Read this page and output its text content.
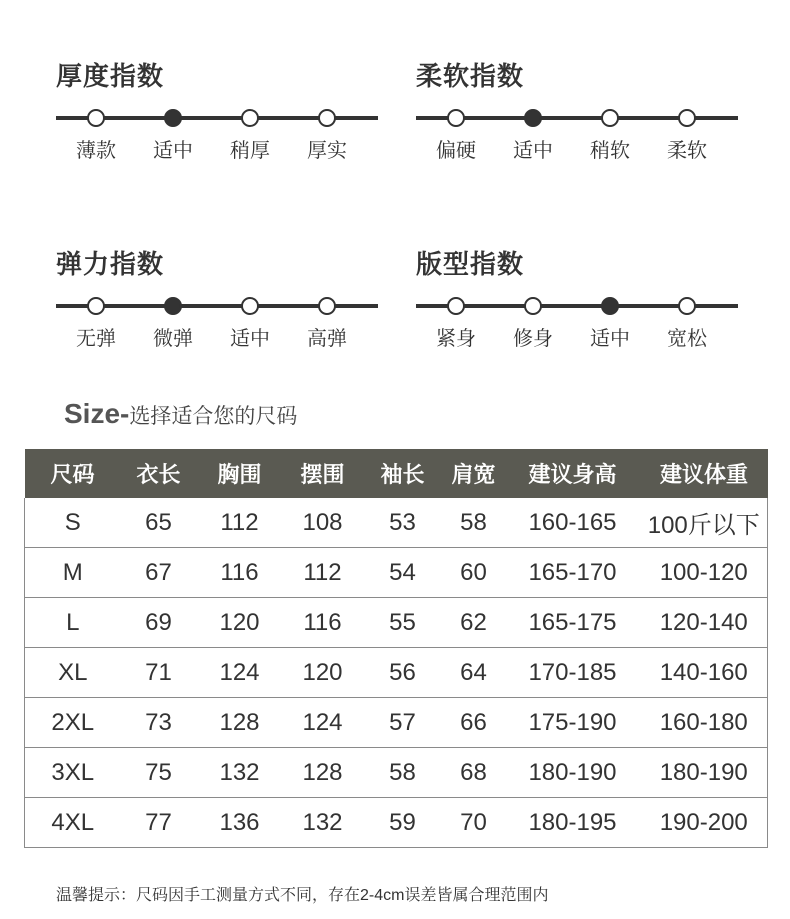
厚度指数
薄款	适中	稍厚	厚实
柔软指数
偏硬	适中	稍软	柔软
弹力指数
无弹	微弹	适中	高弹
版型指数
紧身	修身	适中	宽松
Size-选择适合您的尺码
尺码	衣长	胸围	摆围	袖长	肩宽	建议身高	建议体重
S	65	112	108	53	58	160-165	100斤以下
M	67	116	112	54	60	165-170	100-120
L	69	120	116	55	62	165-175	120-140
XL	71	124	120	56	64	170-185	140-160
2XL	73	128	124	57	66	175-190	160-180
3XL	75	132	128	58	68	180-190	180-190
4XL	77	136	132	59	70	180-195	190-200
温馨提示：尺码因手工测量方式不同，存在2-4cm误差皆属合理范围内
